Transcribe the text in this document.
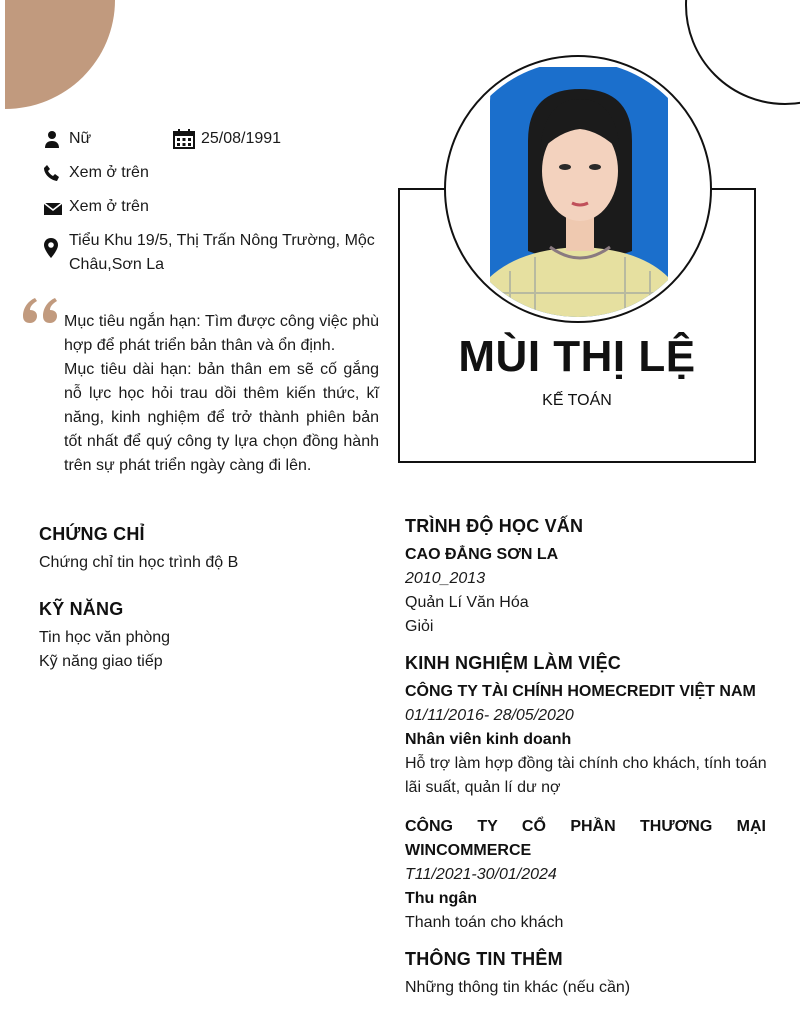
Nữ	25/08/1991
Xem ở trên
Xem ở trên
Tiểu Khu 19/5, Thị Trấn Nông Trường, Mộc
Châu,Sơn La

Mục tiêu ngắn hạn: Tìm được công việc phù hợp để phát triển bản thân và ổn định.

Mục tiêu dài hạn: bản thân em sẽ cố gắng nỗ lực học hỏi trau dồi thêm kiến thức, kĩ năng, kinh nghiệm để trở thành phiên bản tốt nhất để quý công ty lựa chọn đồng hành trên sự phát triển ngày càng đi lên.

MÙI THỊ LỆ
KẾ TOÁN
CHỨNG CHỈ
Chứng chỉ tin học trình độ B
KỸ NĂNG
Tin học văn phòng
Kỹ năng giao tiếp
TRÌNH ĐỘ HỌC VẤN
CAO ĐẲNG SƠN LA
2010_2013
Quản Lí Văn Hóa
Giỏi
KINH NGHIỆM LÀM VIỆC
CÔNG TY TÀI CHÍNH HOMECREDIT VIỆT NAM
01/11/2016- 28/05/2020
Nhân viên kinh doanh
Hỗ trợ làm hợp đồng tài chính cho khách, tính toán lãi suất, quản lí dư nợ
CÔNG TY CỔ PHẦN THƯƠNG MẠI
WINCOMMERCE
T11/2021-30/01/2024
Thu ngân
Thanh toán cho khách
THÔNG TIN THÊM
Những thông tin khác (nếu cần)
